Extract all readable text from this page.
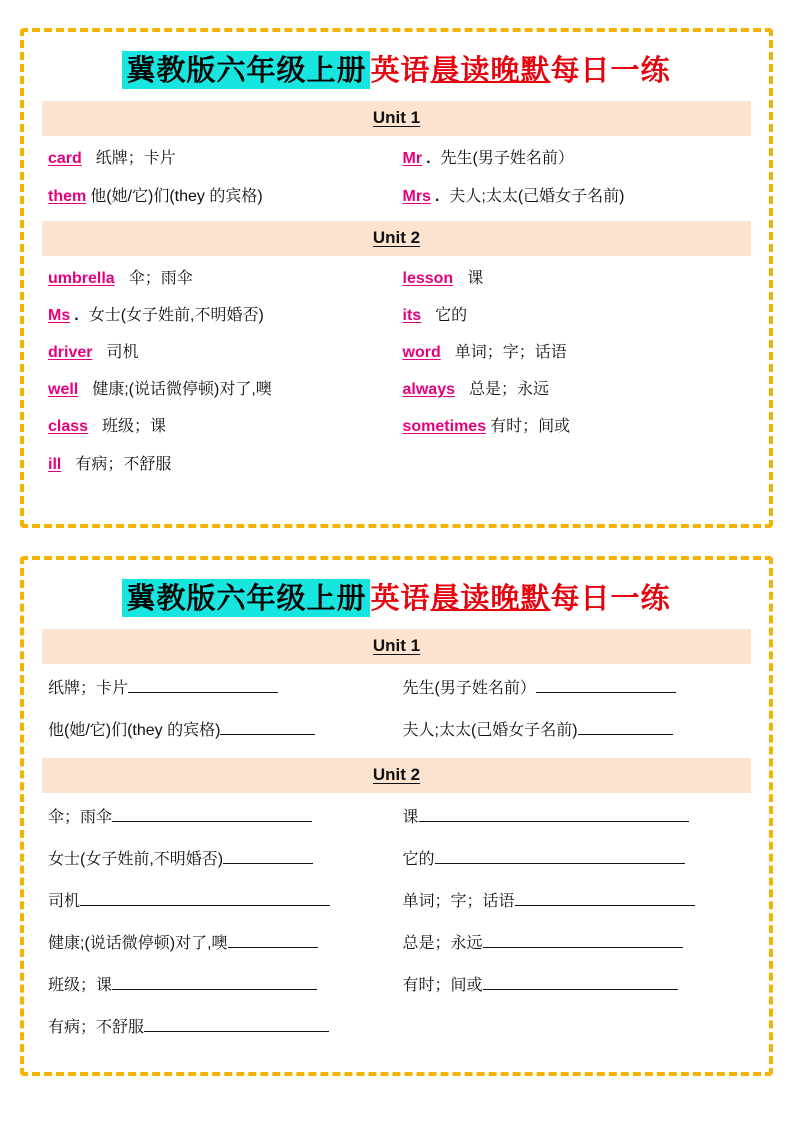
冀教版六年级上册 英语晨读晚默每日一练
Unit 1
card 纸牌；卡片	Mr . 先生(男子姓名前）
them 他(她/它)们(they 的宾格)	Mrs . 夫人;太太(己婚女子名前)
Unit 2
umbrella 伞；雨伞	lesson 课
Ms . 女士(女子姓前,不明婚否)	its 它的
driver 司机	word 单词；字；话语
well 健康;(说话微停顿)对了,噢	always 总是；永远
class 班级；课	sometimes 有时；间或
ill 有病；不舒服	
冀教版六年级上册 英语晨读晚默每日一练
Unit 1
纸牌；卡片	先生(男子姓名前）
他(她/它)们(they 的宾格)	夫人;太太(己婚女子名前)
Unit 2
伞；雨伞	课
女士(女子姓前,不明婚否)	它的
司机	单词；字；话语
健康;(说话微停顿)对了,噢	总是；永远
班级；课	有时；间或
有病；不舒服	
